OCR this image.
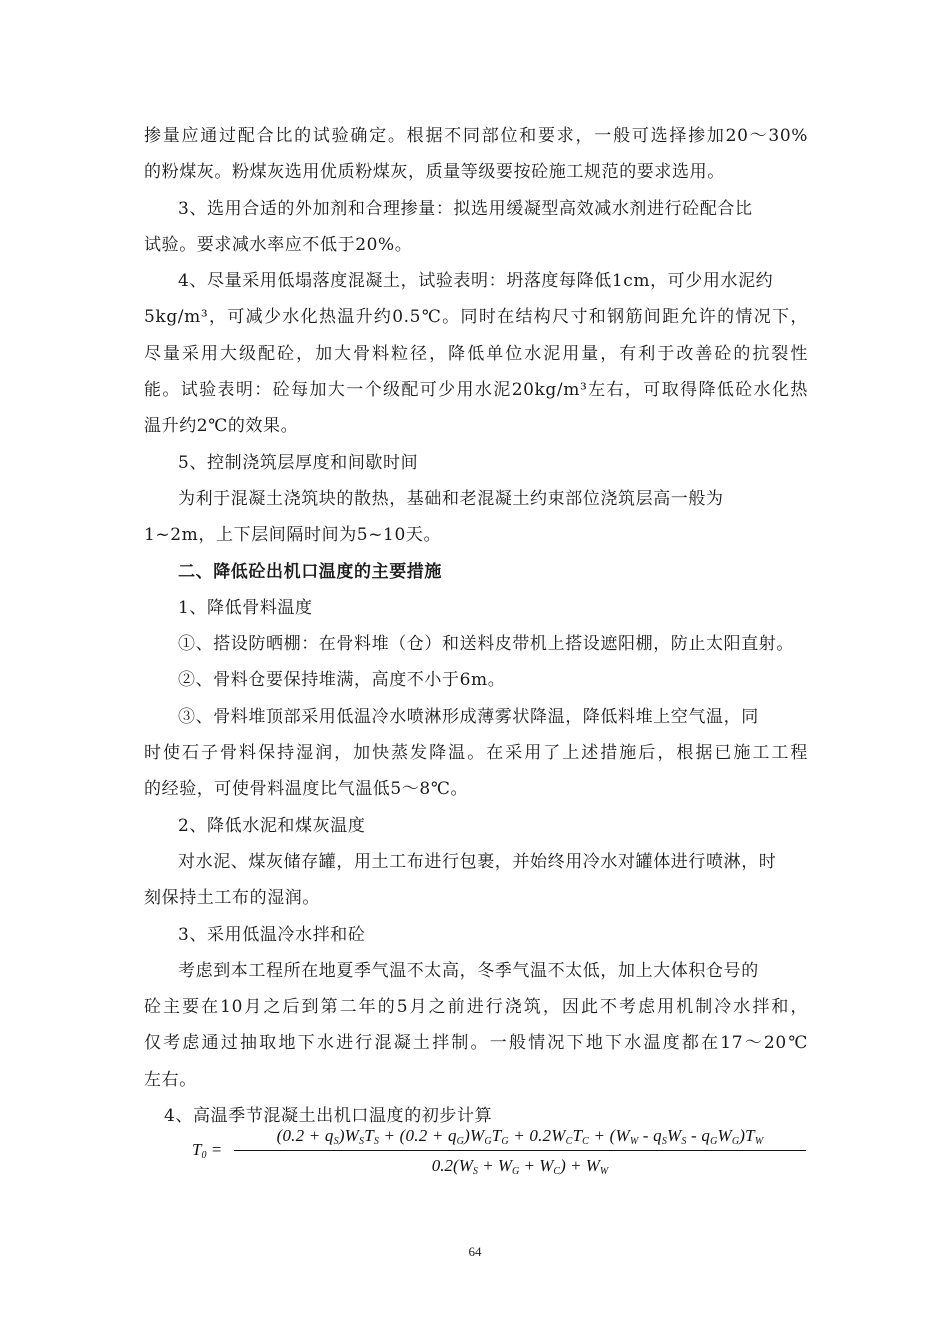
掺量应通过配合比的试验确定。根据不同部位和要求，一般可选择掺加20～30%
的粉煤灰。粉煤灰选用优质粉煤灰，质量等级要按砼施工规范的要求选用。
3、选用合适的外加剂和合理掺量：拟选用缓凝型高效减水剂进行砼配合比
试验。要求减水率应不低于20%。
4、尽量采用低塌落度混凝土，试验表明：坍落度每降低1cm，可少用水泥约
5kg/m³，可减少水化热温升约0.5℃。同时在结构尺寸和钢筋间距允许的情况下，
尽量采用大级配砼，加大骨料粒径，降低单位水泥用量，有利于改善砼的抗裂性
能。试验表明：砼每加大一个级配可少用水泥20kg/m³左右，可取得降低砼水化热
温升约2℃的效果。
5、控制浇筑层厚度和间歇时间
为利于混凝土浇筑块的散热，基础和老混凝土约束部位浇筑层高一般为
1~2m，上下层间隔时间为5~10天。
二、降低砼出机口温度的主要措施
1、降低骨料温度
①、搭设防晒棚：在骨料堆（仓）和送料皮带机上搭设遮阳棚，防止太阳直射。
②、骨料仓要保持堆满，高度不小于6m。
③、骨料堆顶部采用低温冷水喷淋形成薄雾状降温，降低料堆上空气温，同
时使石子骨料保持湿润，加快蒸发降温。在采用了上述措施后，根据已施工工程
的经验，可使骨料温度比气温低5～8℃。
2、降低水泥和煤灰温度
对水泥、煤灰储存罐，用土工布进行包裹，并始终用冷水对罐体进行喷淋，时
刻保持土工布的湿润。
3、采用低温冷水拌和砼
考虑到本工程所在地夏季气温不太高，冬季气温不太低，加上大体积仓号的
砼主要在10月之后到第二年的5月之前进行浇筑，因此不考虑用机制冷水拌和，
仅考虑通过抽取地下水进行混凝土拌制。一般情况下地下水温度都在17～20℃
左右。
4、高温季节混凝土出机口温度的初步计算
$T_0$ =
$(0.2 + q_S)W_ST_S + (0.2 + q_G)W_GT_G + 0.2W_CT_C + (W_W - q_SW_S - q_GW_G)T_W$
$0.2(W_S + W_G + W_C) + W_W$
64
